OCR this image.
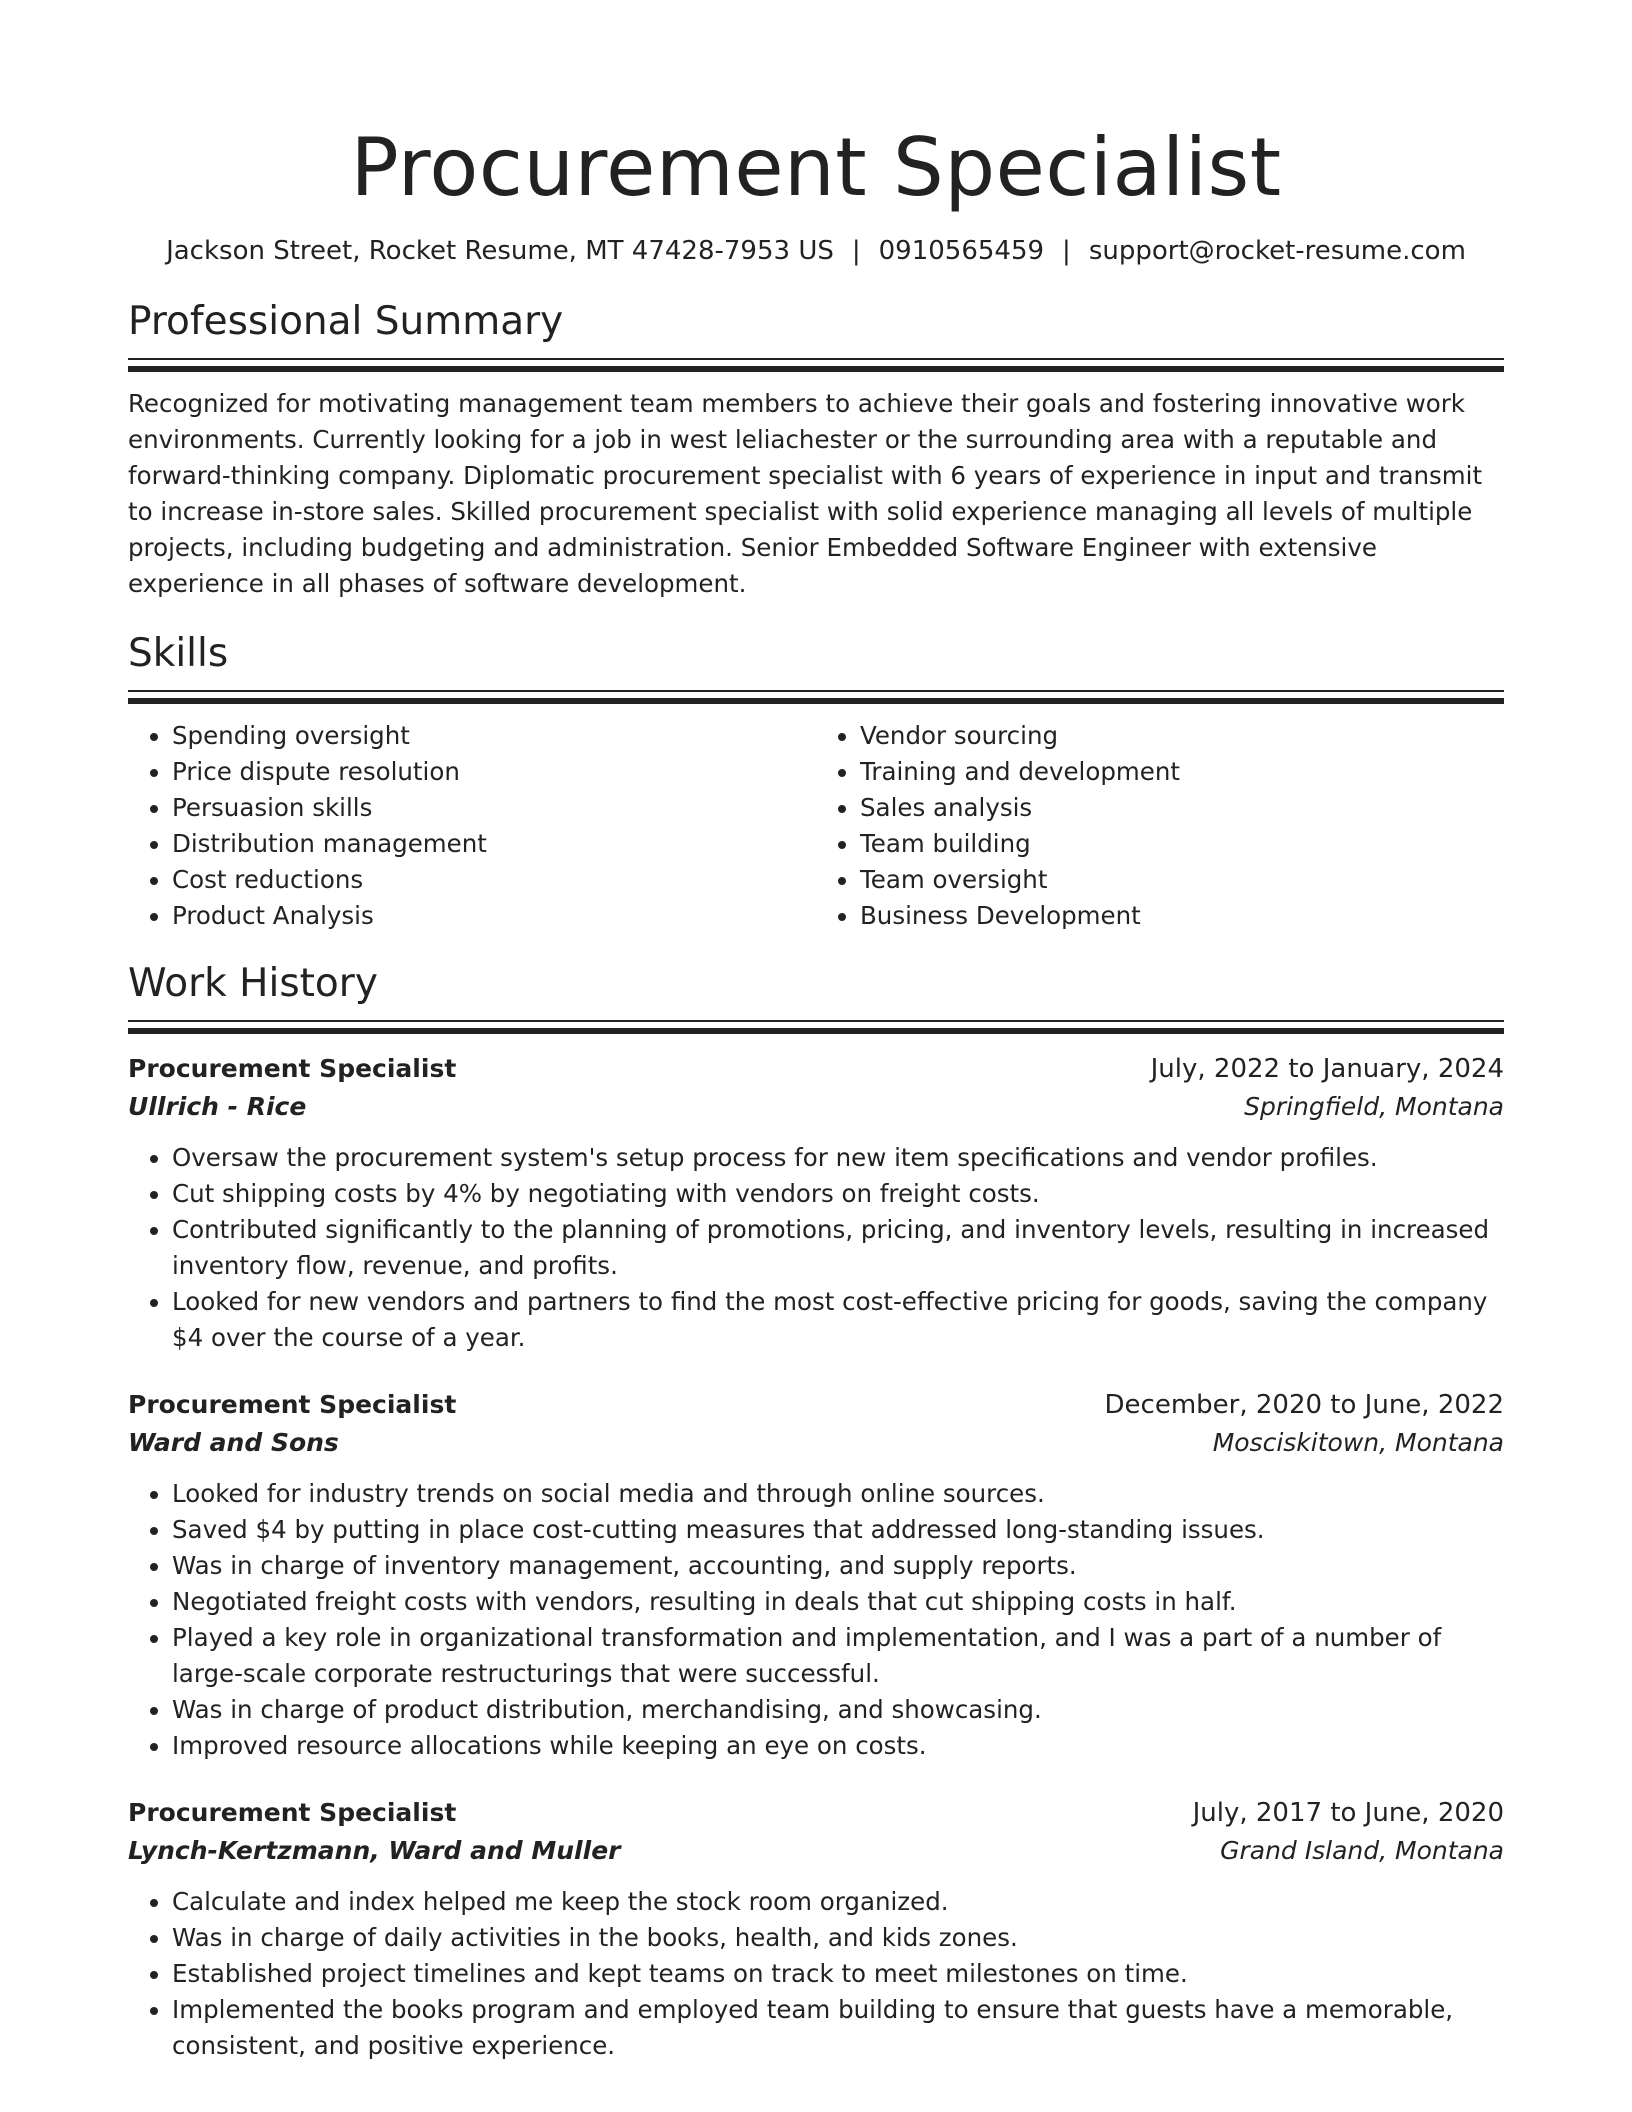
Procurement Specialist
Jackson Street, Rocket Resume, MT 47428-7953 US | 0910565459 | support@rocket-resume.com
Professional Summary

Recognized for motivating management team members to achieve their goals and fostering innovative work environments. Currently looking for a job in west leliachester or the surrounding area with a reputable and forward-thinking company. Diplomatic procurement specialist with 6 years of experience in input and transmit to increase in-store sales. Skilled procurement specialist with solid experience managing all levels of multiple projects, including budgeting and administration. Senior Embedded Software Engineer with extensive experience in all phases of software development.

Skills
• Spending oversight
• Price dispute resolution
• Persuasion skills
• Distribution management
• Cost reductions
• Product Analysis
• Vendor sourcing
• Training and development
• Sales analysis
• Team building
• Team oversight
• Business Development
Work History
Procurement Specialist	July, 2022 to January, 2024
Ullrich - Rice	Springfield, Montana
• Oversaw the procurement system's setup process for new item specifications and vendor profiles.
• Cut shipping costs by 4% by negotiating with vendors on freight costs.
• Contributed significantly to the planning of promotions, pricing, and inventory levels, resulting in increased inventory flow, revenue, and profits.
• Looked for new vendors and partners to find the most cost-effective pricing for goods, saving the company $4 over the course of a year.
Procurement Specialist	December, 2020 to June, 2022
Ward and Sons	Mosciskitown, Montana
• Looked for industry trends on social media and through online sources.
• Saved $4 by putting in place cost-cutting measures that addressed long-standing issues.
• Was in charge of inventory management, accounting, and supply reports.
• Negotiated freight costs with vendors, resulting in deals that cut shipping costs in half.
• Played a key role in organizational transformation and implementation, and I was a part of a number of large-scale corporate restructurings that were successful.
• Was in charge of product distribution, merchandising, and showcasing.
• Improved resource allocations while keeping an eye on costs.
Procurement Specialist	July, 2017 to June, 2020
Lynch-Kertzmann, Ward and Muller	Grand Island, Montana
• Calculate and index helped me keep the stock room organized.
• Was in charge of daily activities in the books, health, and kids zones.
• Established project timelines and kept teams on track to meet milestones on time.
• Implemented the books program and employed team building to ensure that guests have a memorable, consistent, and positive experience.
